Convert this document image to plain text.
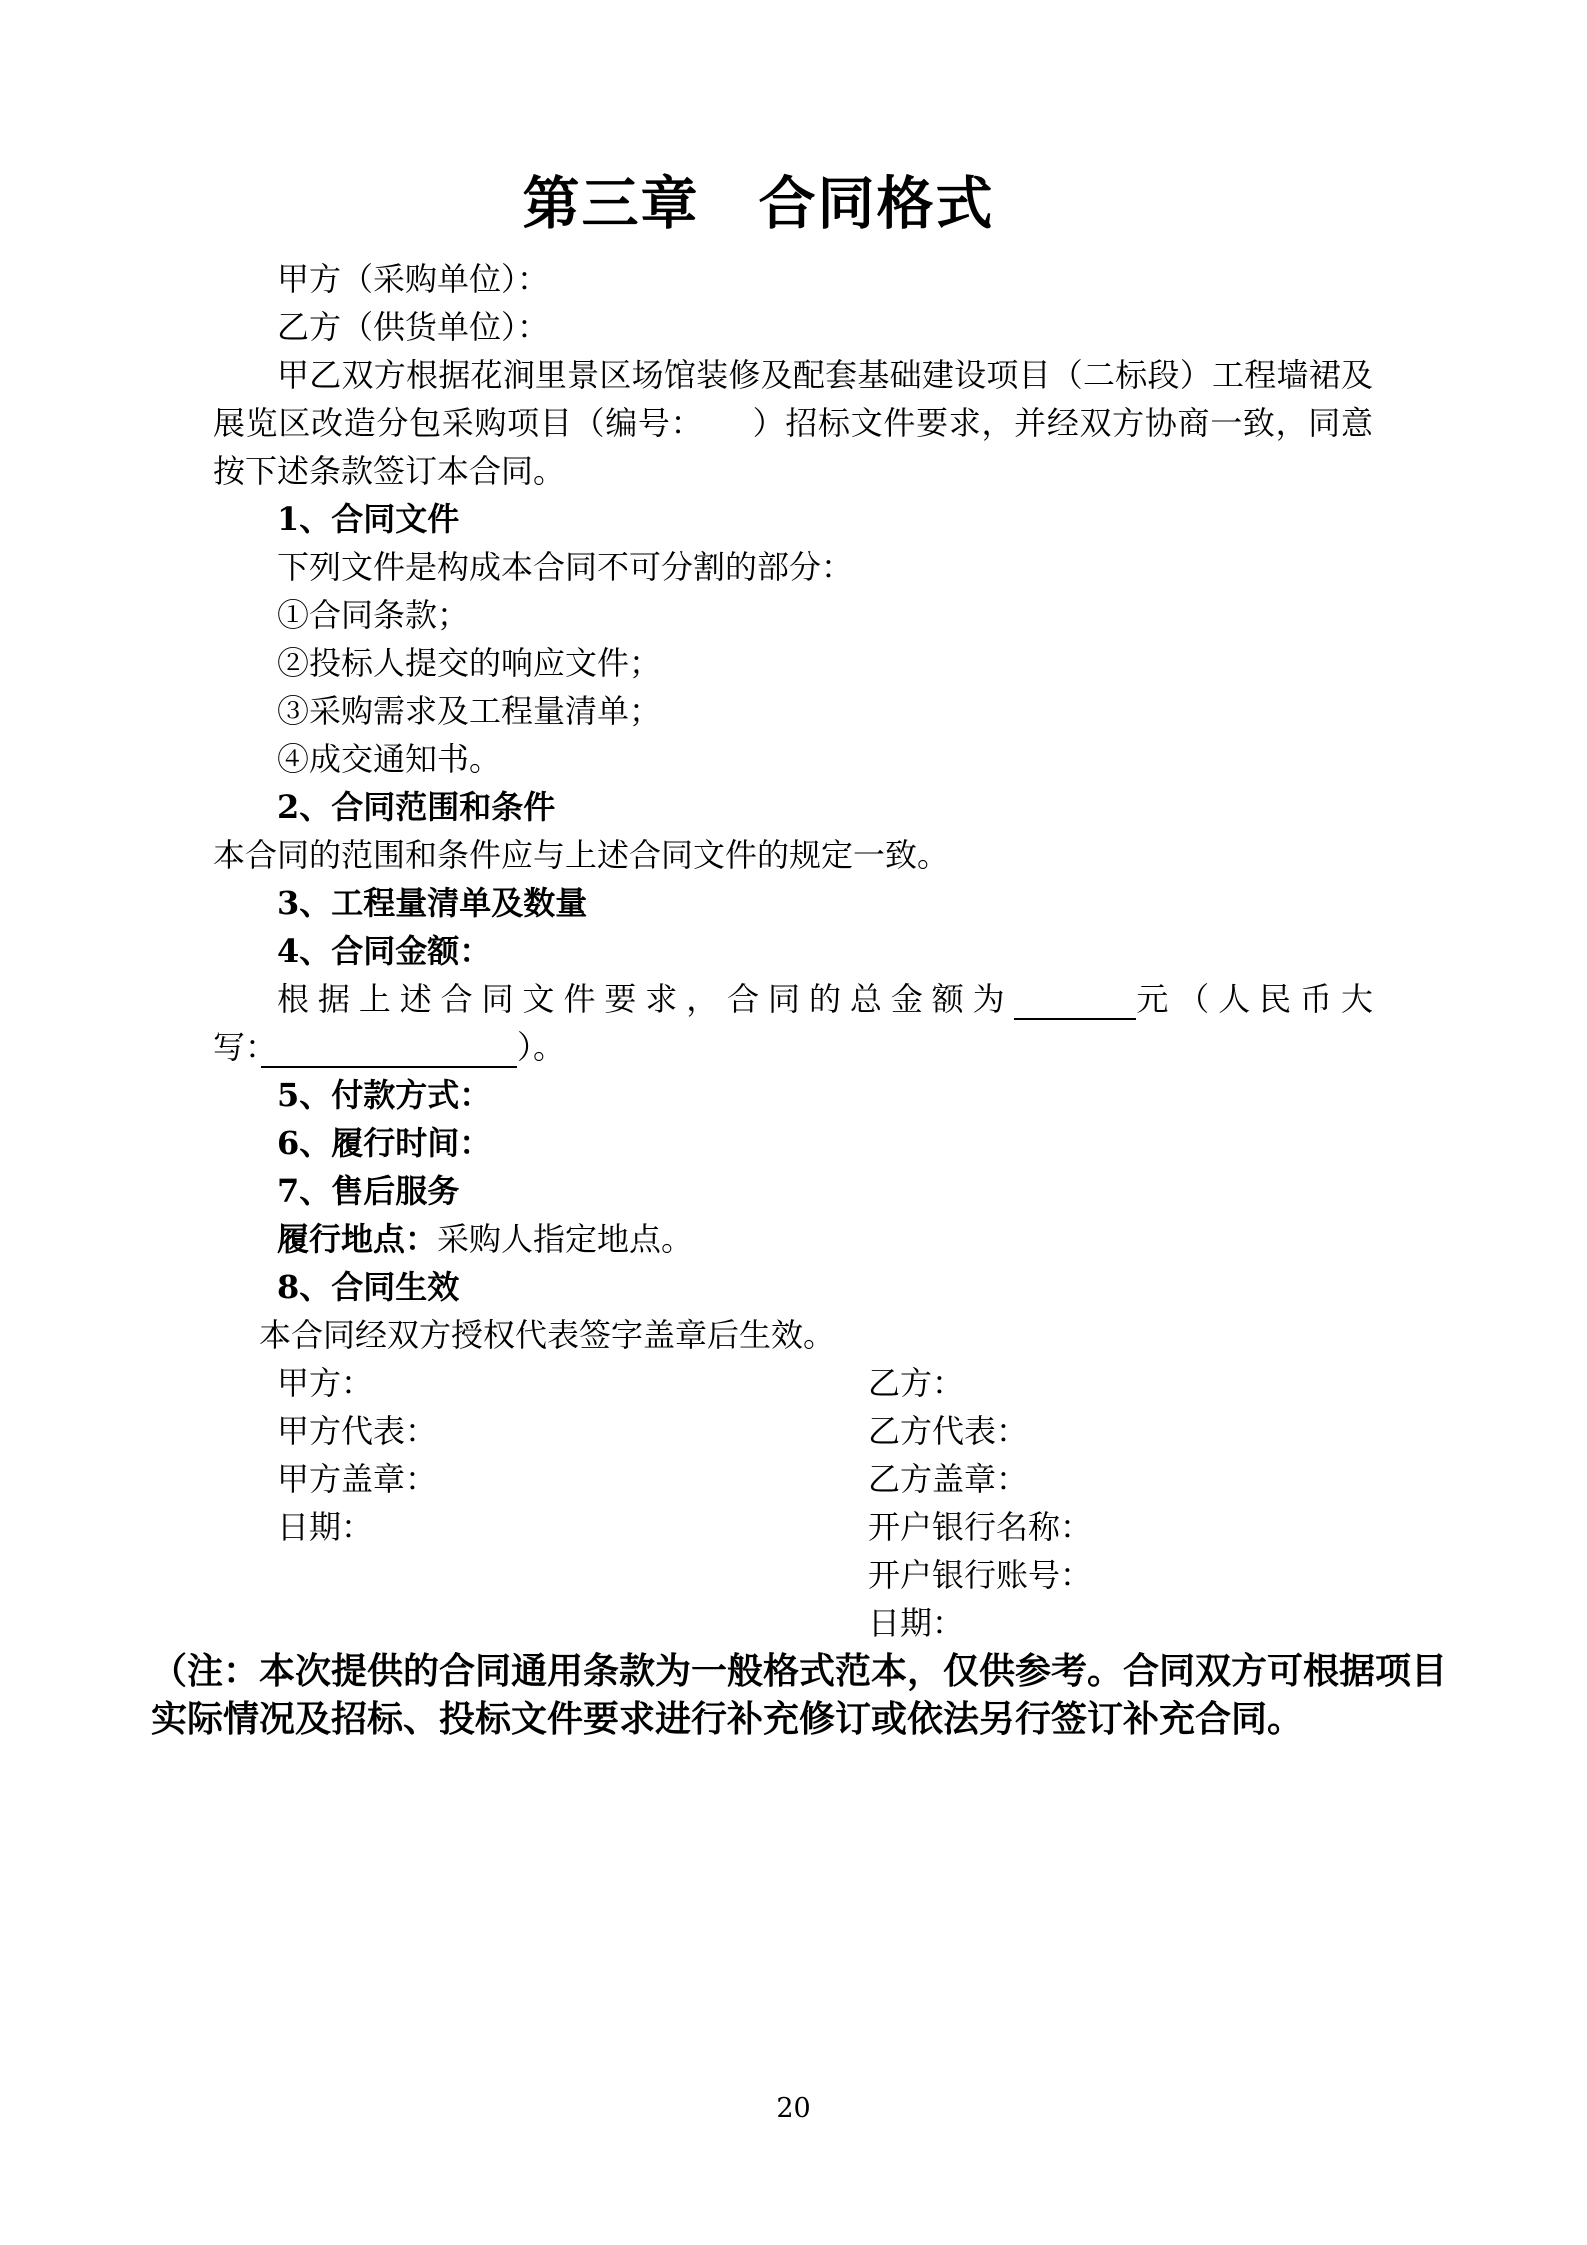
第三章　合同格式
甲方（采购单位）：
乙方（供货单位）：
甲乙双方根据花涧里景区场馆装修及配套基础建设项目（二标段）工程墙裙及
展览区改造分包采购项目（编号：　　 ）招标文件要求，并经双方协商一致，同意
按下述条款签订本合同。
1、合同文件
下列文件是构成本合同不可分割的部分：
①合同条款；
②投标人提交的响应文件；
③采购需求及工程量清单；
④成交通知书。
2、合同范围和条件
本合同的范围和条件应与上述合同文件的规定一致。
3、工程量清单及数量
4、合同金额：
根据上述合同文件要求，合同的总金额为　　　	元（人民币大
写：　　　　　　　　	）。
5、付款方式：
6、履行时间：
7、售后服务
履行地点：采购人指定地点。
8、合同生效
本合同经双方授权代表签字盖章后生效。
甲方：	乙方：
甲方代表：	乙方代表：
甲方盖章：	乙方盖章：
日期：	开户银行名称：
开户银行账号：
日期：
（注：本次提供的合同通用条款为一般格式范本，仅供参考。合同双方可根据项目
实际情况及招标、投标文件要求进行补充修订或依法另行签订补充合同。
20
